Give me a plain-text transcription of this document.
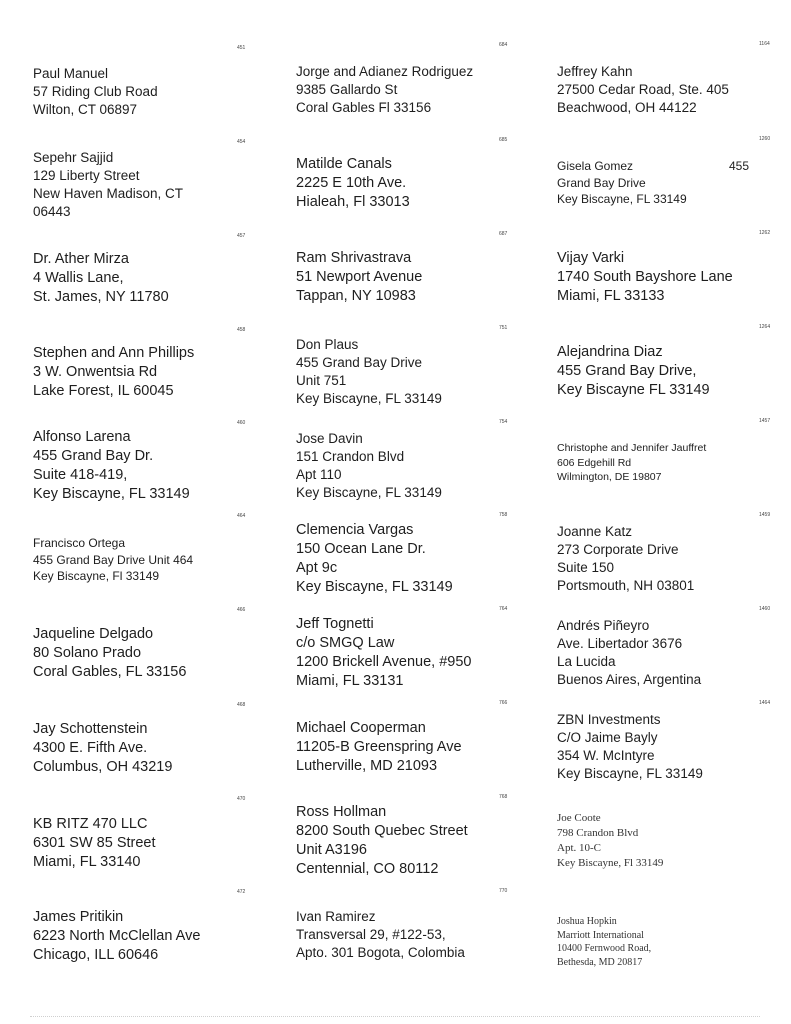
451
Paul Manuel
57 Riding Club Road
Wilton, CT 06897
454
Sepehr Sajjid
129 Liberty Street
New Haven Madison, CT
06443
457
Dr. Ather Mirza
4 Wallis Lane,
St. James, NY 11780
458
Stephen and Ann Phillips
3 W. Onwentsia Rd
Lake Forest, IL 60045
460
Alfonso Larena
455 Grand Bay Dr.
Suite 418-419,
Key Biscayne, FL 33149
464
Francisco Ortega
455 Grand Bay Drive Unit 464
Key Biscayne, Fl 33149
466
Jaqueline Delgado
80 Solano Prado
Coral Gables, FL 33156
468
Jay Schottenstein
4300 E. Fifth Ave.
Columbus, OH 43219
470
KB RITZ 470 LLC
6301 SW 85 Street
Miami, FL 33140
472
James Pritikin
6223 North McClellan Ave
Chicago, ILL 60646
684
Jorge and Adianez Rodriguez
9385 Gallardo St
Coral Gables Fl 33156
685
Matilde Canals
2225 E 10th Ave.
Hialeah, Fl 33013
687
Ram Shrivastrava
51 Newport Avenue
Tappan, NY 10983
751
Don Plaus
455 Grand Bay Drive
Unit 751
Key Biscayne, FL 33149
754
Jose Davin
151 Crandon Blvd
Apt 110
Key Biscayne, FL 33149
758
Clemencia Vargas
150 Ocean Lane Dr.
Apt 9c
Key Biscayne, FL 33149
764
Jeff Tognetti
c/o SMGQ Law
1200 Brickell Avenue, #950
Miami, FL 33131
766
Michael Cooperman
11205-B Greenspring Ave
Lutherville, MD 21093
768
Ross Hollman
8200 South Quebec Street
Unit A3196
Centennial, CO 80112
770
Ivan Ramirez
Transversal 29, #122-53,
Apto. 301 Bogota, Colombia
1164
Jeffrey Kahn
27500 Cedar Road, Ste. 405
Beachwood, OH 44122
1260
Gisela Gomez
Grand Bay Drive
Key Biscayne, FL 33149
455
1262
Vijay Varki
1740 South Bayshore Lane
Miami, FL 33133
1264
Alejandrina Diaz
455 Grand Bay Drive,
Key Biscayne FL 33149
1457
Christophe and Jennifer Jauffret
606 Edgehill Rd
Wilmington, DE 19807
1459
Joanne Katz
273 Corporate Drive
Suite 150
Portsmouth, NH 03801
1460
Andrés Piñeyro
Ave. Libertador 3676
La Lucida
Buenos Aires, Argentina
1464
ZBN Investments
C/O Jaime Bayly
354 W. McIntyre
Key Biscayne, FL 33149
Joe Coote
798 Crandon Blvd
Apt. 10-C
Key Biscayne, Fl 33149
Joshua Hopkin
Marriott International
10400 Fernwood Road,
Bethesda, MD 20817
